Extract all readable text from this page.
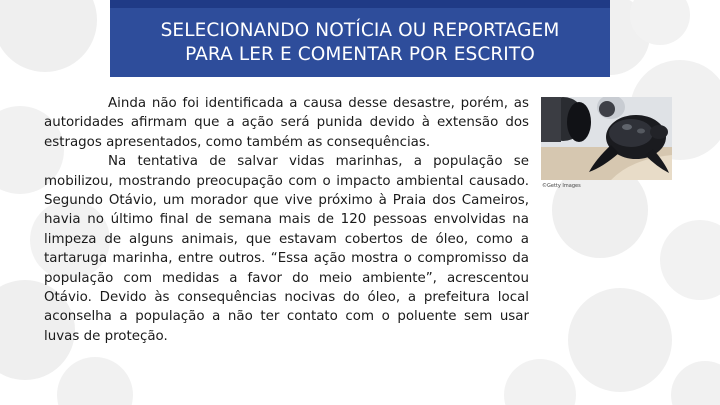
SELECIONANDO NOTÍCIA OU REPORTAGEM
PARA LER E COMENTAR POR ESCRITO

Ainda não foi identificada a causa desse desastre, porém, as autoridades afirmam que a ação será punida devido à extensão dos estragos apresentados, como também as consequências.

Na tentativa de salvar vidas marinhas, a população se mobilizou, mostrando preocupação com o impacto ambiental causado. Segundo Otávio, um morador que vive próximo à Praia dos Cameiros, havia no último final de semana mais de 120 pessoas envolvidas na limpeza de alguns animais, que estavam cobertos de óleo, como a tartaruga marinha, entre outros. “Essa ação mostra o compromisso da população com medidas a favor do meio ambiente”, acrescentou Otávio. Devido às consequências nocivas do óleo, a prefeitura local aconselha a população a não ter contato com o poluente sem usar luvas de proteção.

©Getty Images
